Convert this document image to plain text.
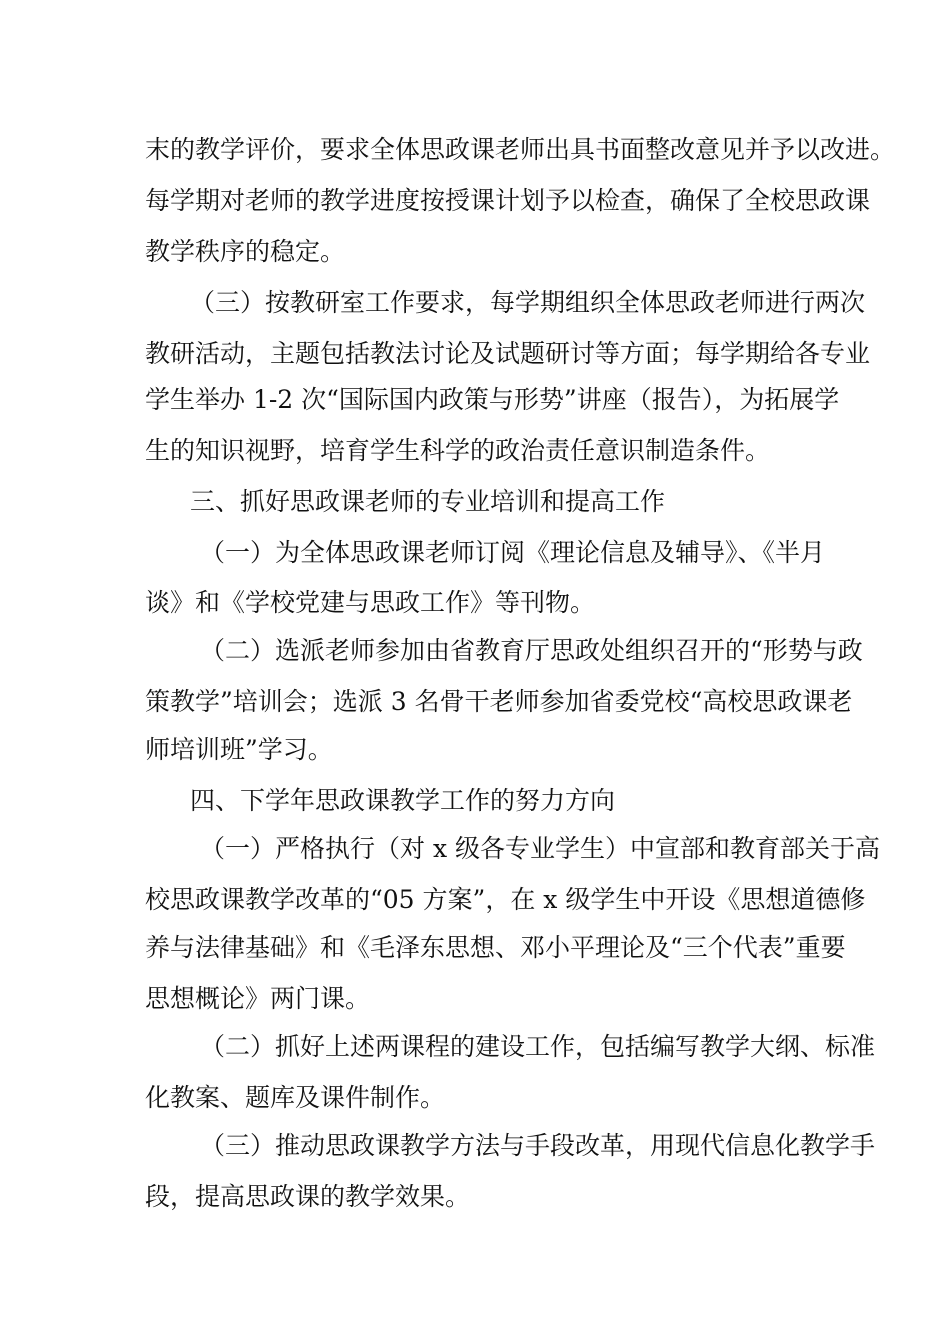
末的教学评价，要求全体思政课老师出具书面整改意见并予以改进。
每学期对老师的教学进度按授课计划予以检查，确保了全校思政课
教学秩序的稳定。
（三）按教研室工作要求，每学期组织全体思政老师进行两次
教研活动，主题包括教法讨论及试题研讨等方面；每学期给各专业
学生举办 1-2 次“国际国内政策与形势”讲座（报告），为拓展学
生的知识视野，培育学生科学的政治责任意识制造条件。
三、抓好思政课老师的专业培训和提高工作
（一）为全体思政课老师订阅《理论信息及辅导》、《半月
谈》和《学校党建与思政工作》等刊物。
（二）选派老师参加由省教育厅思政处组织召开的“形势与政
策教学”培训会；选派 3 名骨干老师参加省委党校“高校思政课老
师培训班”学习。
四、下学年思政课教学工作的努力方向
（一）严格执行（对 x 级各专业学生）中宣部和教育部关于高
校思政课教学改革的“05 方案”，在 x 级学生中开设《思想道德修
养与法律基础》和《毛泽东思想、邓小平理论及“三个代表”重要
思想概论》两门课。
（二）抓好上述两课程的建设工作，包括编写教学大纲、标准
化教案、题库及课件制作。
（三）推动思政课教学方法与手段改革，用现代信息化教学手
段，提高思政课的教学效果。
